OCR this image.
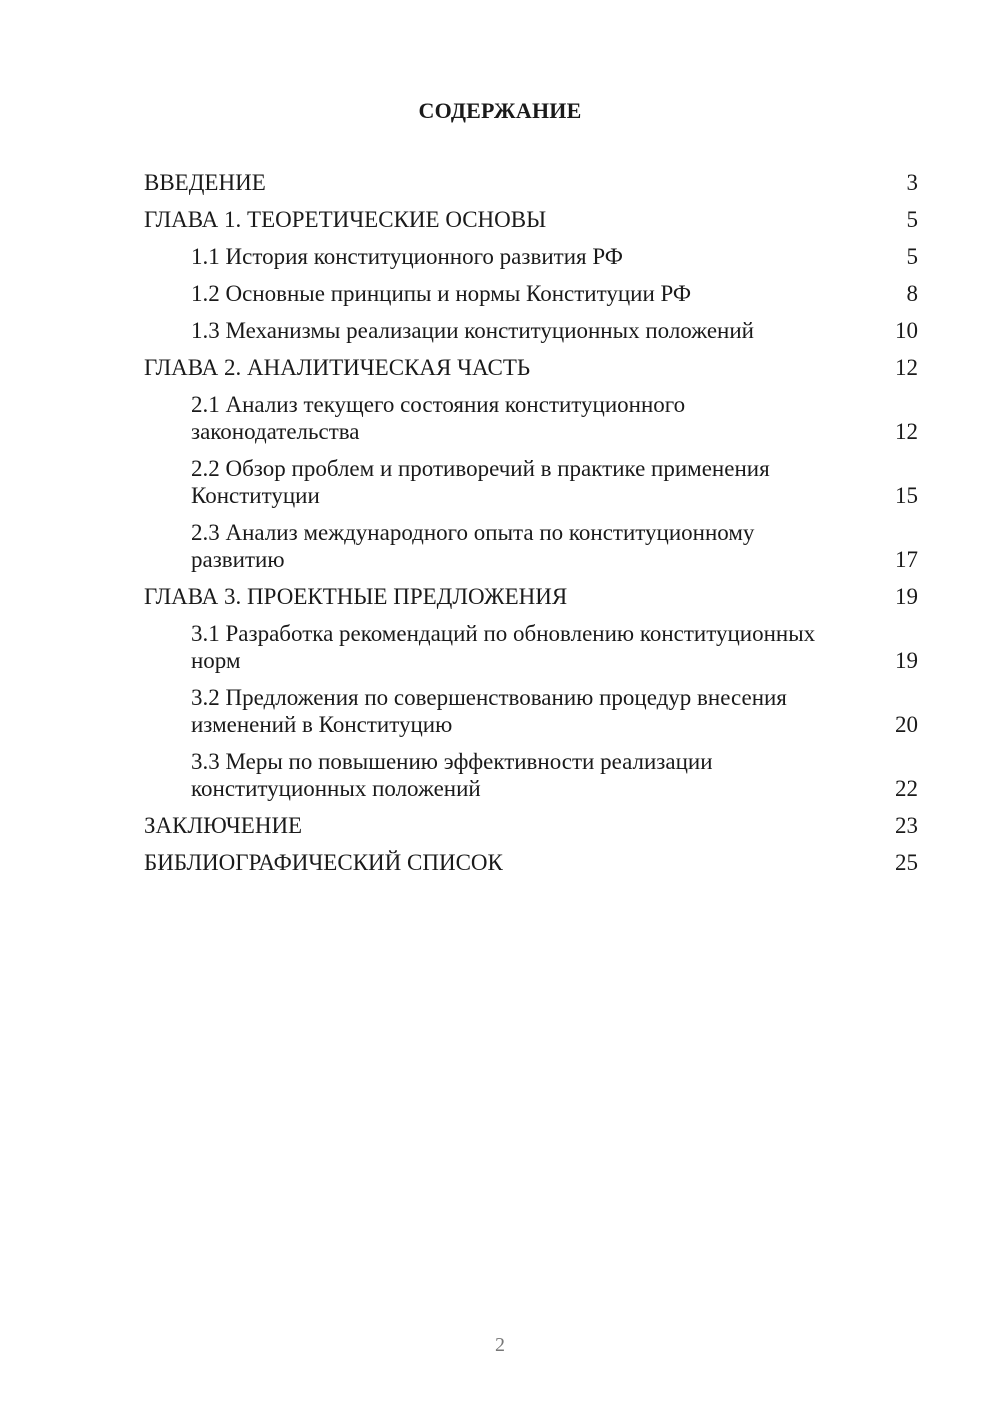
СОДЕРЖАНИЕ
ВВЕДЕНИЕ	3
ГЛАВА 1. ТЕОРЕТИЧЕСКИЕ ОСНОВЫ	5
1.1 История конституционного развития РФ	5
1.2 Основные принципы и нормы Конституции РФ	8
1.3 Механизмы реализации конституционных положений	10
ГЛАВА 2. АНАЛИТИЧЕСКАЯ ЧАСТЬ	12
2.1 Анализ текущего состояния конституционного законодательства	12
2.2 Обзор проблем и противоречий в практике применения Конституции	15
2.3 Анализ международного опыта по конституционному развитию	17
ГЛАВА 3. ПРОЕКТНЫЕ ПРЕДЛОЖЕНИЯ	19
3.1 Разработка рекомендаций по обновлению конституционных норм	19
3.2 Предложения по совершенствованию процедур внесения изменений в Конституцию	20
3.3 Меры по повышению эффективности реализации конституционных положений	22
ЗАКЛЮЧЕНИЕ	23
БИБЛИОГРАФИЧЕСКИЙ СПИСОК	25
2
